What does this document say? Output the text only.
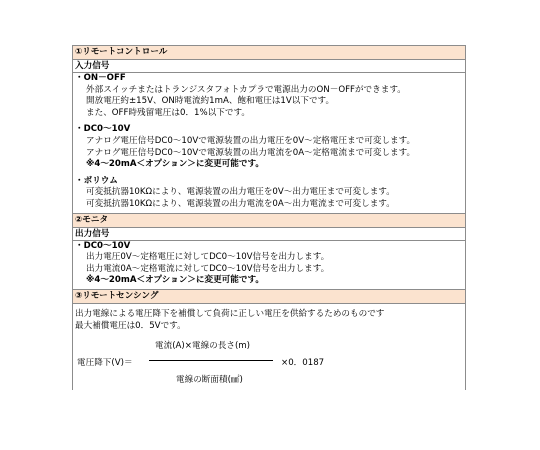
①リモートコントロール
入力信号
・ON－OFF
外部スイッチまたはトランジスタフォトカプラで電源出力のON－OFFができます。
開放電圧約±15V、ON時電流約1mA、飽和電圧は1V以下です。
また、OFF時残留電圧は0．1%以下です。
・DC0～10V
アナログ電圧信号DC0～10Vで電源装置の出力電圧を0V～定格電圧まで可変します。
アナログ電圧信号DC0～10Vで電源装置の出力電流を0A～定格電流まで可変します。
※4～20mA＜オプション＞に変更可能です。
・ボリウム
可変抵抗器10KΩにより、電源装置の出力電圧を0V～出力電圧まで可変します。
可変抵抗器10KΩにより、電源装置の出力電流を0A～出力電流まで可変します。
②モニタ
出力信号
・DC0～10V
出力電圧0V～定格電圧に対してDC0～10V信号を出力します。
出力電流0A～定格電流に対してDC0～10V信号を出力します。
※4～20mA＜オプション＞に変更可能です。
③リモートセンシング
出力電線による電圧降下を補償して負荷に正しい電圧を供給するためのものです
最大補償電圧は0．5Vです。
電圧降下(V)＝
電流(A)×電線の長さ(m)
電線の断面積(㎟)
×0．0187
